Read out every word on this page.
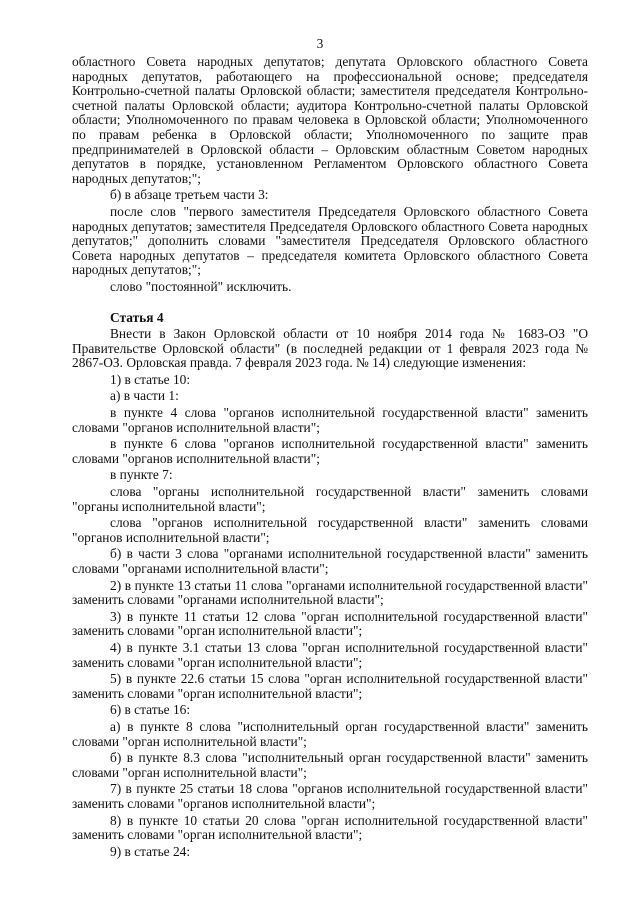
3

областного Совета народных депутатов; депутата Орловского областного Совета народных депутатов, работающего на профессиональной основе; председателя Контрольно-счетной палаты Орловской области; заместителя председателя Контрольно-счетной палаты Орловской области; аудитора Контрольно-счетной палаты Орловской области; Уполномоченного по правам человека в Орловской области; Уполномоченного по правам ребенка в Орловской области; Уполномоченного по защите прав предпринимателей в Орловской области – Орловским областным Советом народных депутатов в порядке, установленном Регламентом Орловского областного Совета народных депутатов;";

б) в абзаце третьем части 3:

после слов "первого заместителя Председателя Орловского областного Совета народных депутатов; заместителя Председателя Орловского областного Совета народных депутатов;" дополнить словами "заместителя Председателя Орловского областного Совета народных депутатов – председателя комитета Орловского областного Совета народных депутатов;";

слово "постоянной" исключить.

Статья 4

Внести в Закон Орловской области от 10 ноября 2014 года № 1683-ОЗ "О Правительстве Орловской области" (в последней редакции от 1 февраля 2023 года № 2867-ОЗ. Орловская правда. 7 февраля 2023 года. № 14) следующие изменения:

1) в статье 10:

а) в части 1:

в пункте 4 слова "органов исполнительной государственной власти" заменить словами "органов исполнительной власти";

в пункте 6 слова "органов исполнительной государственной власти" заменить словами "органов исполнительной власти";

в пункте 7:

слова "органы исполнительной государственной власти" заменить словами "органы исполнительной власти";

слова "органов исполнительной государственной власти" заменить словами "органов исполнительной власти";

б) в части 3 слова "органами исполнительной государственной власти" заменить словами "органами исполнительной власти";

2) в пункте 13 статьи 11 слова "органами исполнительной государственной власти" заменить словами "органами исполнительной власти";

3) в пункте 11 статьи 12 слова "орган исполнительной государственной власти" заменить словами "орган исполнительной власти";

4) в пункте 3.1 статьи 13 слова "орган исполнительной государственной власти" заменить словами "орган исполнительной власти";

5) в пункте 22.6 статьи 15 слова "орган исполнительной государственной власти" заменить словами "орган исполнительной власти";

6) в статье 16:

а) в пункте 8 слова "исполнительный орган государственной власти" заменить словами "орган исполнительной власти";

б) в пункте 8.3 слова "исполнительный орган государственной власти" заменить словами "орган исполнительной власти";

7) в пункте 25 статьи 18 слова "органов исполнительной государственной власти" заменить словами "органов исполнительной власти";

8) в пункте 10 статьи 20 слова "орган исполнительной государственной власти" заменить словами "орган исполнительной власти";

9) в статье 24:
